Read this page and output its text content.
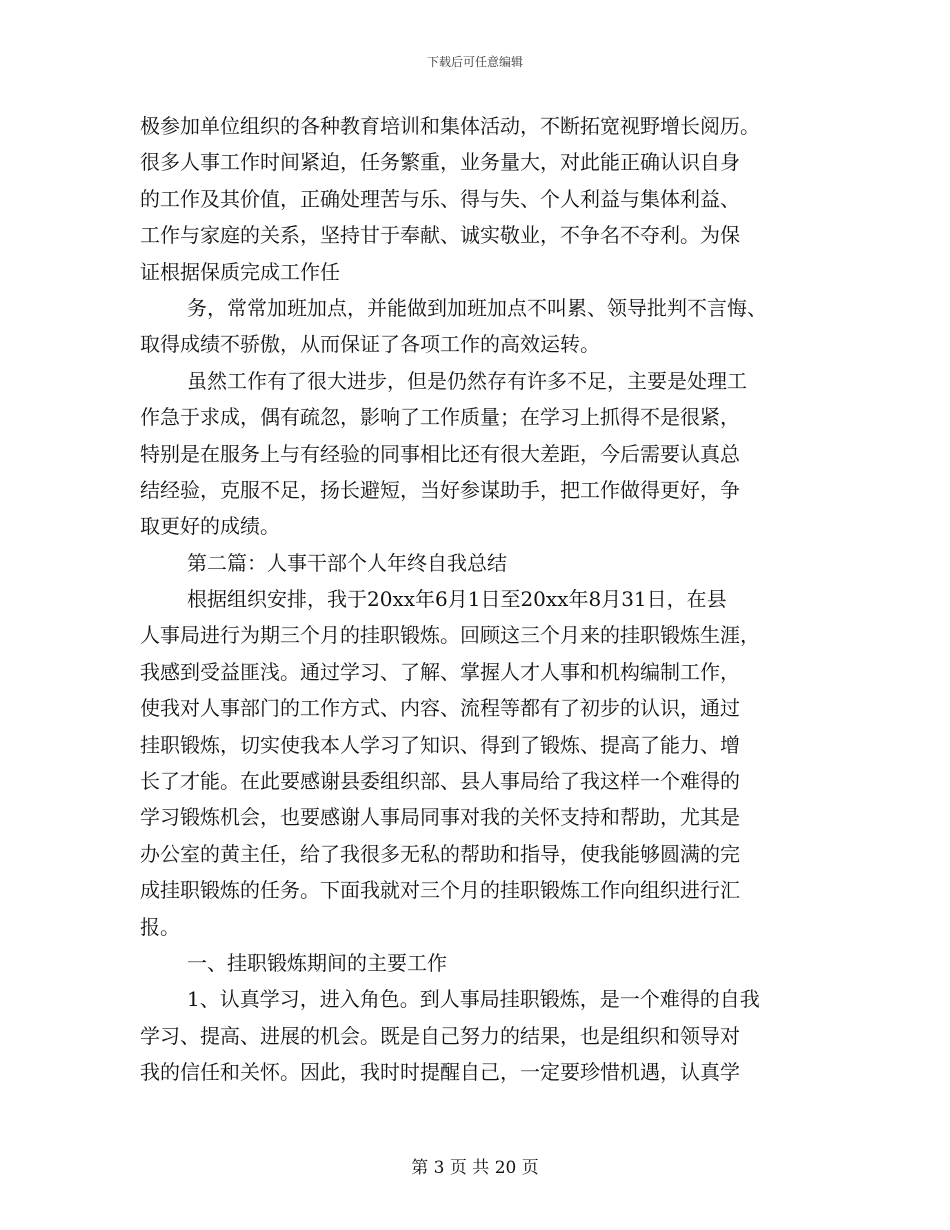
下载后可任意编辑
极参加单位组织的各种教育培训和集体活动，不断拓宽视野增长阅历。
很多人事工作时间紧迫，任务繁重，业务量大，对此能正确认识自身
的工作及其价值，正确处理苦与乐、得与失、个人利益与集体利益、
工作与家庭的关系，坚持甘于奉献、诚实敬业，不争名不夺利。为保
证根据保质完成工作任
务，常常加班加点，并能做到加班加点不叫累、领导批判不言悔、
取得成绩不骄傲，从而保证了各项工作的高效运转。
虽然工作有了很大进步，但是仍然存有许多不足，主要是处理工
作急于求成，偶有疏忽，影响了工作质量；在学习上抓得不是很紧，
特别是在服务上与有经验的同事相比还有很大差距，今后需要认真总
结经验，克服不足，扬长避短，当好参谋助手，把工作做得更好，争
取更好的成绩。
第二篇：人事干部个人年终自我总结
根据组织安排，我于20xx年6月1日至20xx年8月31日，在县
人事局进行为期三个月的挂职锻炼。回顾这三个月来的挂职锻炼生涯，
我感到受益匪浅。通过学习、了解、掌握人才人事和机构编制工作，
使我对人事部门的工作方式、内容、流程等都有了初步的认识，通过
挂职锻炼，切实使我本人学习了知识、得到了锻炼、提高了能力、增
长了才能。在此要感谢县委组织部、县人事局给了我这样一个难得的
学习锻炼机会，也要感谢人事局同事对我的关怀支持和帮助，尤其是
办公室的黄主任，给了我很多无私的帮助和指导，使我能够圆满的完
成挂职锻炼的任务。下面我就对三个月的挂职锻炼工作向组织进行汇
报。
一、挂职锻炼期间的主要工作
1、认真学习，进入角色。到人事局挂职锻炼，是一个难得的自我
学习、提高、进展的机会。既是自己努力的结果，也是组织和领导对
我的信任和关怀。因此，我时时提醒自己，一定要珍惜机遇，认真学
第 3 页 共 20 页
